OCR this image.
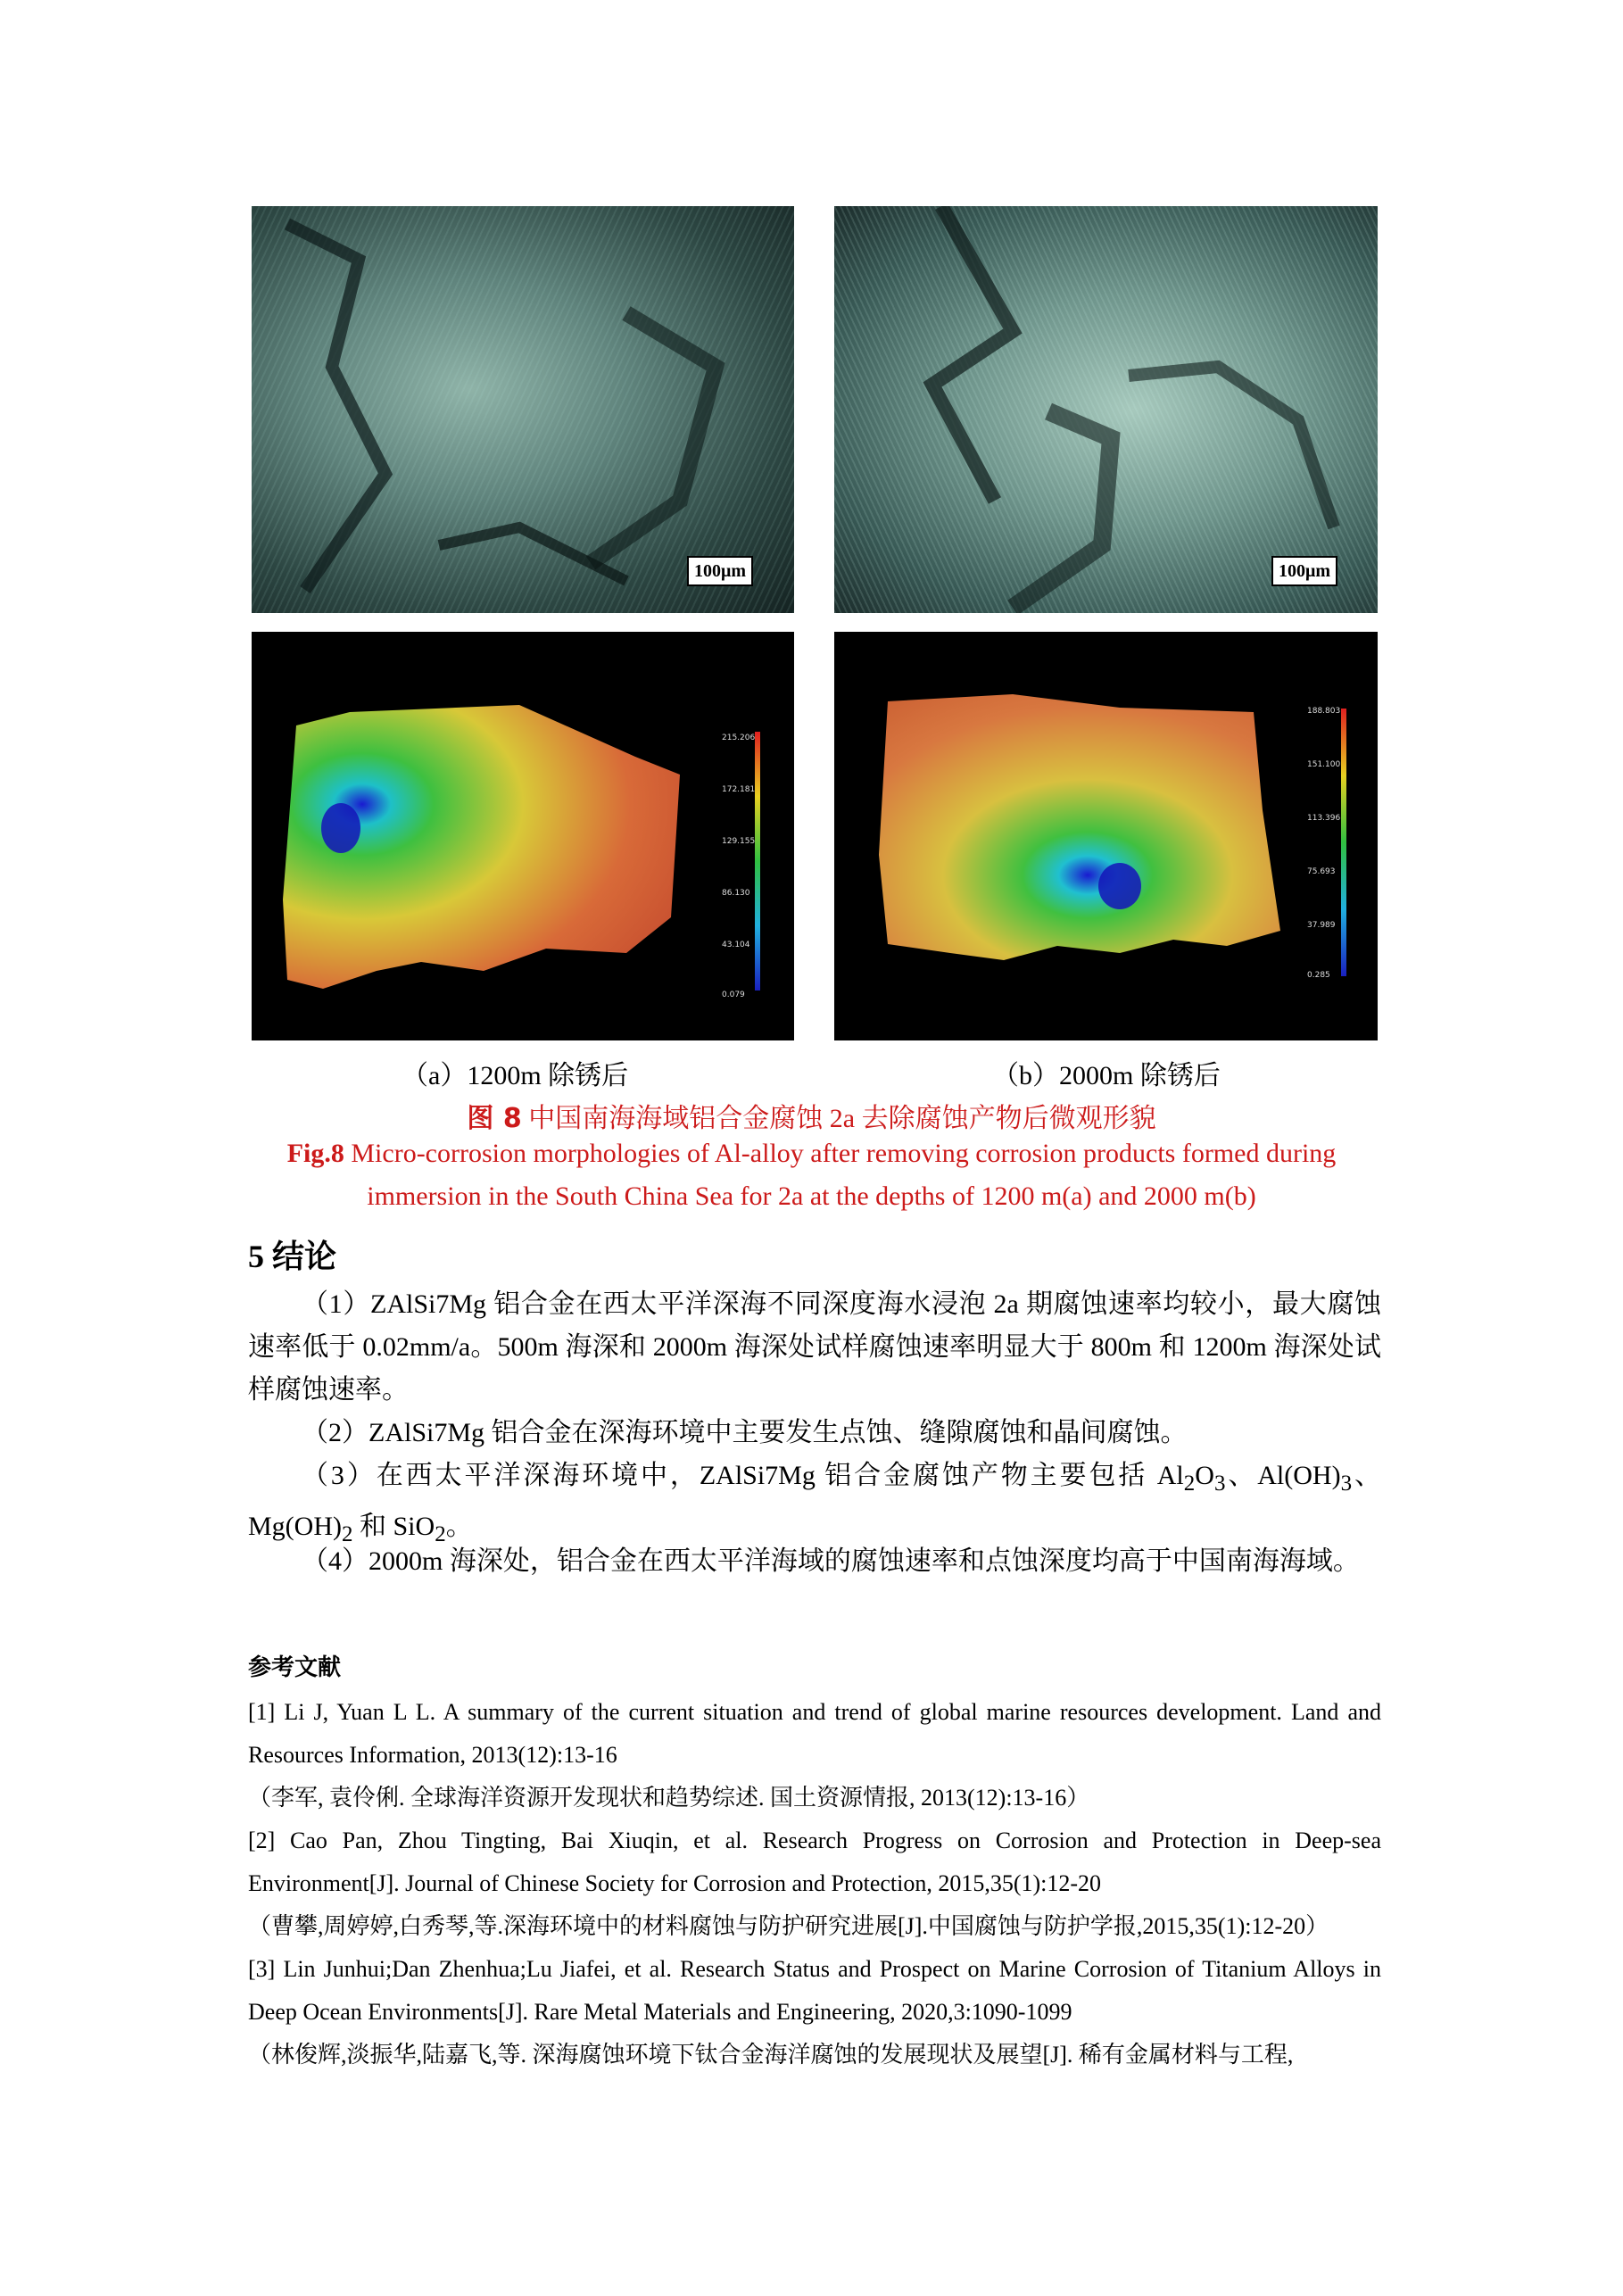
100μm	100μm
215.206
172.181
129.155
86.130
43.104
0.079
188.803
151.100
113.396
75.693
37.989
0.285
（a）1200m 除锈后	（b）2000m 除锈后
图 8 中国南海海域铝合金腐蚀 2a 去除腐蚀产物后微观形貌
Fig.8 Micro-corrosion morphologies of Al-alloy after removing corrosion products formed during
immersion in the South China Sea for 2a at the depths of 1200 m(a) and 2000 m(b)
5 结论
（1）ZAlSi7Mg 铝合金在西太平洋深海不同深度海水浸泡 2a 期腐蚀速率均较小，最大腐蚀速率低于 0.02mm/a。500m 海深和 2000m 海深处试样腐蚀速率明显大于 800m 和 1200m 海深处试样腐蚀速率。
（2）ZAlSi7Mg 铝合金在深海环境中主要发生点蚀、缝隙腐蚀和晶间腐蚀。
（3）在西太平洋深海环境中，ZAlSi7Mg 铝合金腐蚀产物主要包括 $Al_2O_3$、$Al(OH)_3$、$Mg(OH)_2$ 和 SiO$_2$。
（4）2000m 海深处，铝合金在西太平洋海域的腐蚀速率和点蚀深度均高于中国南海海域。
参考文献
[1] Li J, Yuan L L. A summary of the current situation and trend of global marine resources development. Land and Resources Information, 2013(12):13-16
（李军, 袁伶俐. 全球海洋资源开发现状和趋势综述. 国土资源情报, 2013(12):13-16）
[2] Cao Pan, Zhou Tingting, Bai Xiuqin, et al. Research Progress on Corrosion and Protection in Deep-sea Environment[J]. Journal of Chinese Society for Corrosion and Protection, 2015,35(1):12-20
（曹攀,周婷婷,白秀琴,等.深海环境中的材料腐蚀与防护研究进展[J].中国腐蚀与防护学报,2015,35(1):12-20）
[3] Lin Junhui;Dan Zhenhua;Lu Jiafei, et al. Research Status and Prospect on Marine Corrosion of Titanium Alloys in Deep Ocean Environments[J]. Rare Metal Materials and Engineering, 2020,3:1090-1099
（林俊辉,淡振华,陆嘉飞,等. 深海腐蚀环境下钛合金海洋腐蚀的发展现状及展望[J]. 稀有金属材料与工程,
